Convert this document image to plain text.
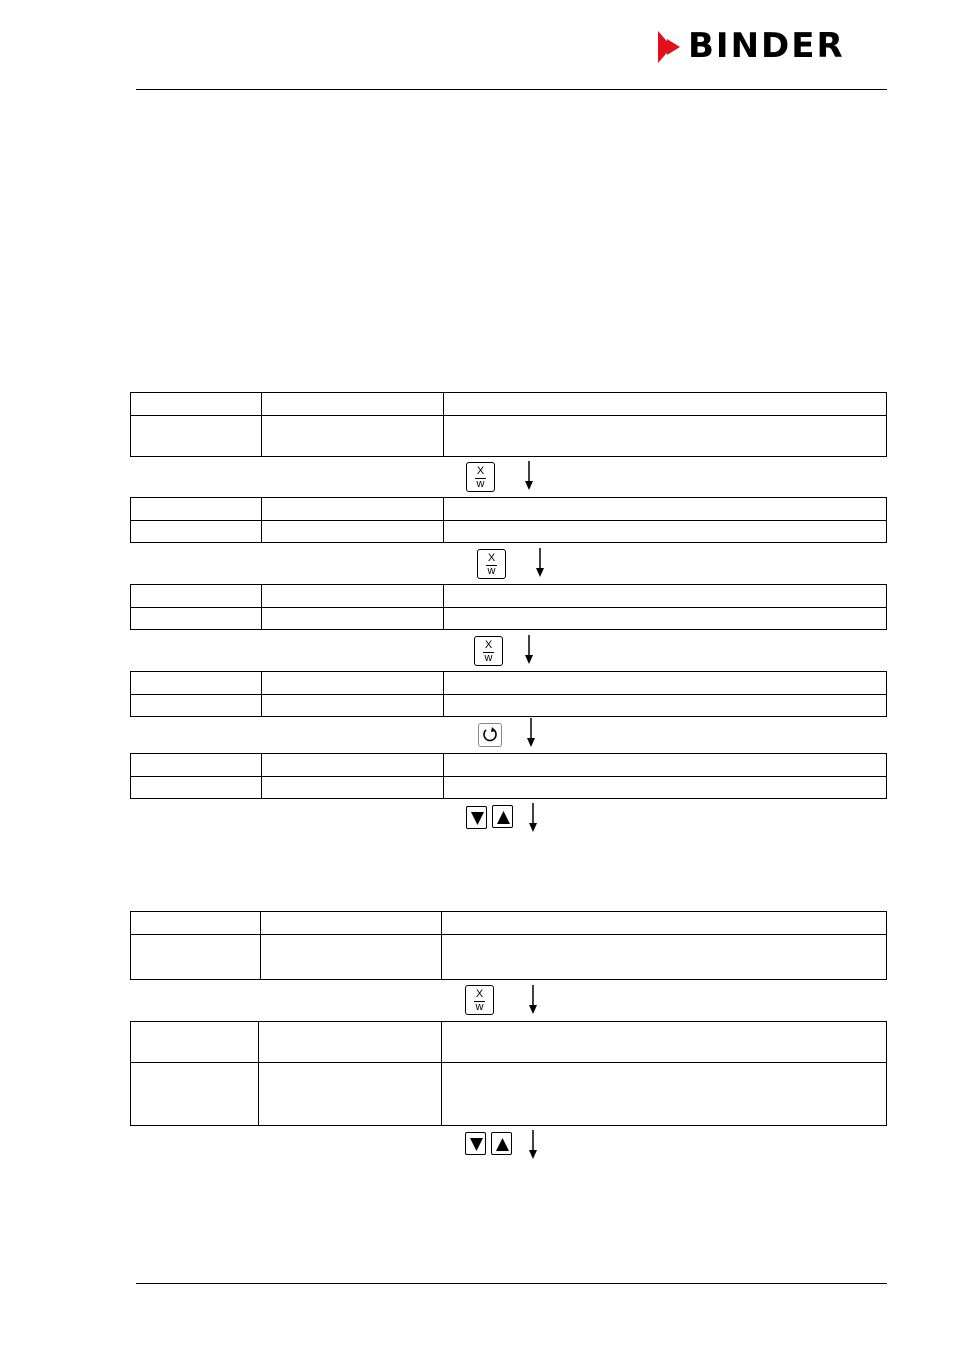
BINDER

X
w

X
w

X
w

X
w
